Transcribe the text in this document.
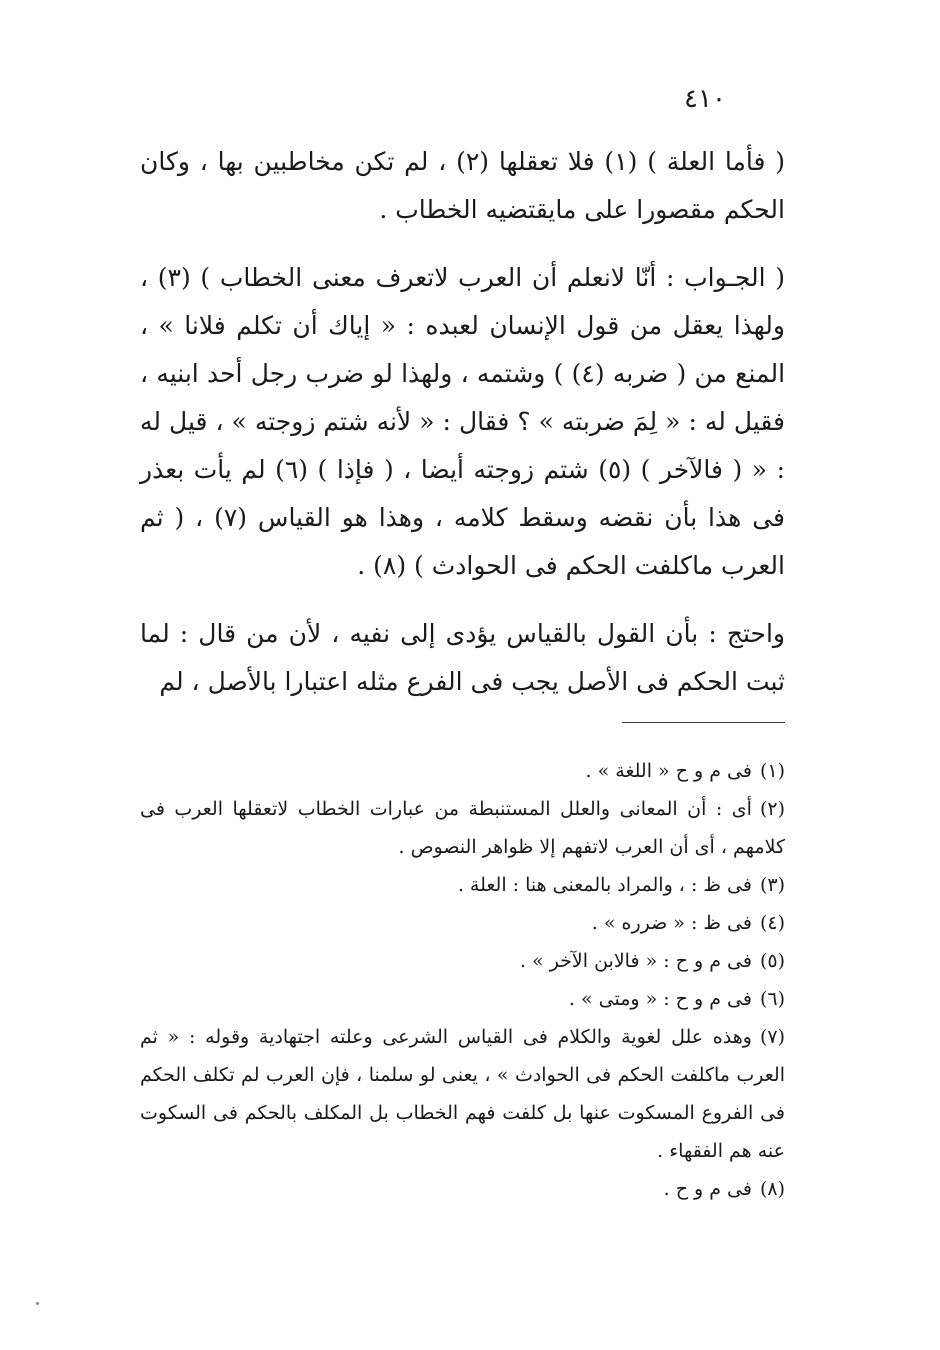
٤١٠

( فأما العلة ) (١) فلا تعقلها (٢) ، لم تكن مخاطبين بها ، وكان الحكم مقصورا على مايقتضيه الخطاب .

( الجـواب : أنّا لانعلم أن العرب لاتعرف معنى الخطاب ) (٣) ، ولهذا يعقل من قول الإنسان لعبده : « إياك أن تكلم فلانا » ، المنع من ( ضربه (٤) ) وشتمه ، ولهذا لو ضرب رجل أحد ابنيه ، فقيل له : « لِمَ ضربته » ؟ فقال : « لأنه شتم زوجته » ، قيل له : « ( فالآخر ) (٥) شتم زوجته أيضا ، ( فإذا ) (٦) لم يأت بعذر فى هذا بأن نقضه وسقط كلامه ، وهذا هو القياس (٧) ، ( ثم العرب ماكلفت الحكم فى الحوادث ) (٨) .

واحتج : بأن القول بالقياس يؤدى إلى نفيه ، لأن من قال : لما ثبت الحكم فى الأصل يجب فى الفرع مثله اعتبارا بالأصل ، لم

(١)فى م و ح « اللغة » .

(٢)أى : أن المعانى والعلل المستنبطة من عبارات الخطاب لاتعقلها العرب فى كلامهم ، أى أن العرب لاتفهم إلا ظواهر النصوص .

(٣)فى ظ : ، والمراد بالمعنى هنا : العلة .

(٤)فى ظ : « ضرره » .

(٥)فى م و ح : « فالابن الآخر » .

(٦)فى م و ح : « ومتى » .

(٧)وهذه علل لغوية والكلام فى القياس الشرعى وعلته اجتهادية وقوله : « ثم العرب ماكلفت الحكم فى الحوادث » ، يعنى لو سلمنا ، فإن العرب لم تكلف الحكم فى الفروع المسكوت عنها بل كلفت فهم الخطاب بل المكلف بالحكم فى السكوت عنه هم الفقهاء .

(٨)فى م و ح .
